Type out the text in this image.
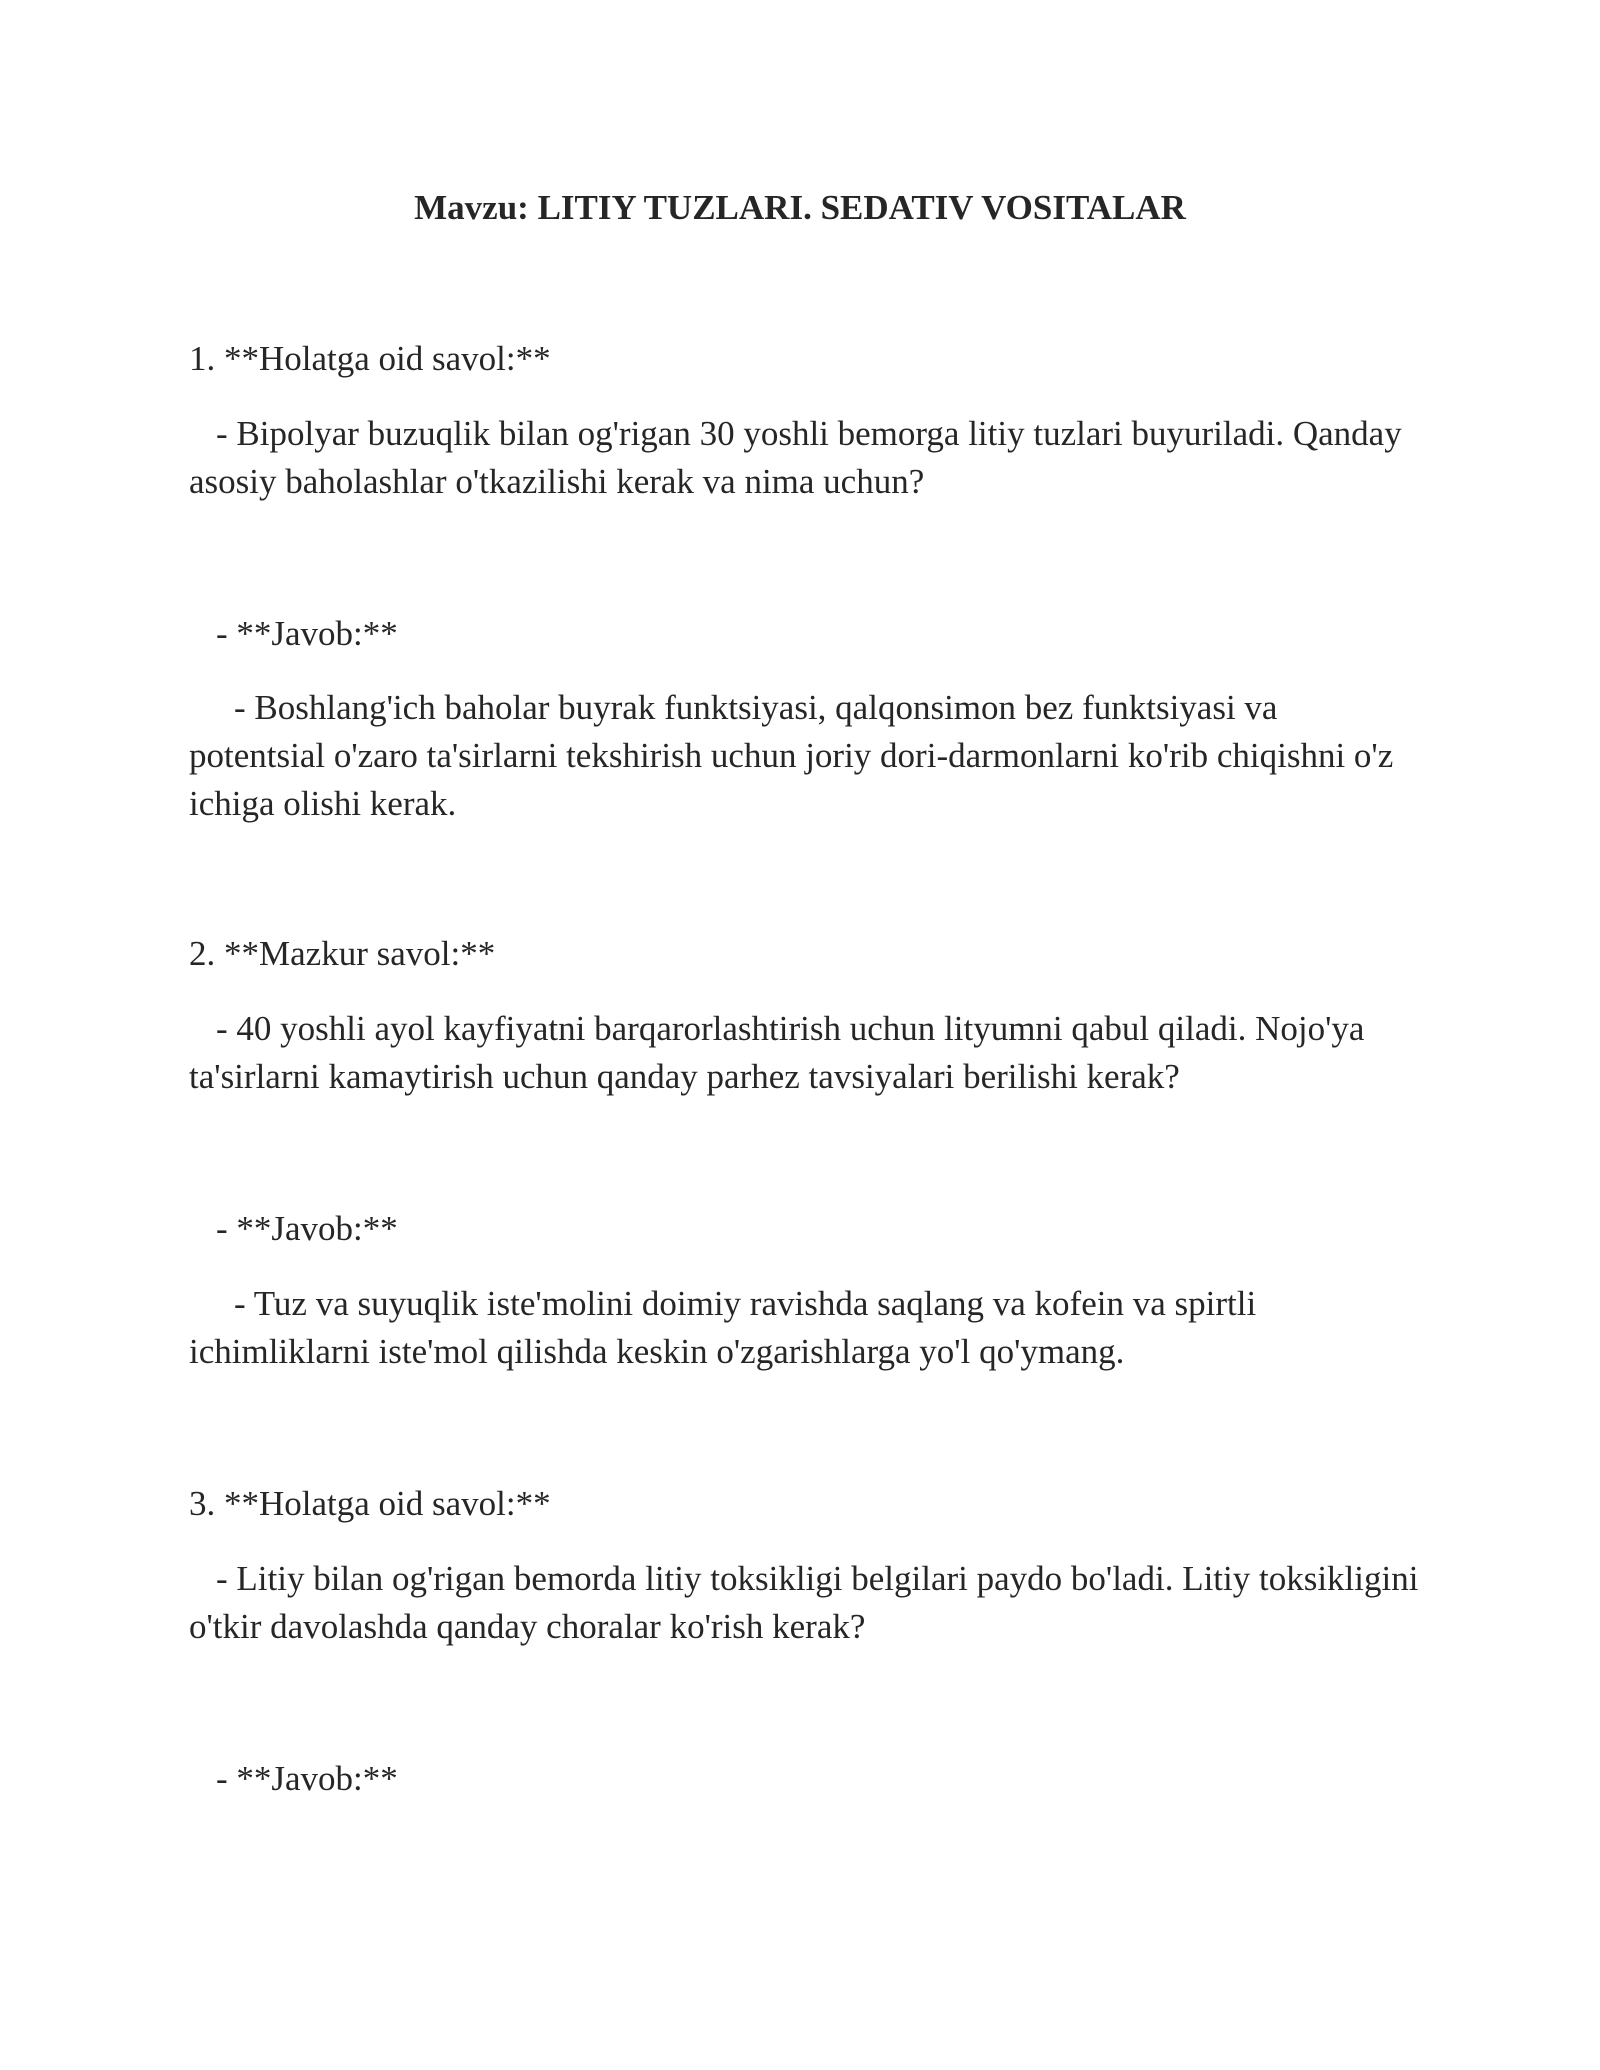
Mavzu: LITIY TUZLARI. SEDATIV VOSITALAR
1. **Holatga oid savol:**
- Bipolyar buzuqlik bilan og'rigan 30 yoshli bemorga litiy tuzlari buyuriladi. Qanday asosiy baholashlar o'tkazilishi kerak va nima uchun?
- **Javob:**
- Boshlang'ich baholar buyrak funktsiyasi, qalqonsimon bez funktsiyasi va potentsial o'zaro ta'sirlarni tekshirish uchun joriy dori-darmonlarni ko'rib chiqishni o'z ichiga olishi kerak.
2. **Mazkur savol:**
- 40 yoshli ayol kayfiyatni barqarorlashtirish uchun lityumni qabul qiladi. Nojo'ya ta'sirlarni kamaytirish uchun qanday parhez tavsiyalari berilishi kerak?
- **Javob:**
- Tuz va suyuqlik iste'molini doimiy ravishda saqlang va kofein va spirtli ichimliklarni iste'mol qilishda keskin o'zgarishlarga yo'l qo'ymang.
3. **Holatga oid savol:**
- Litiy bilan og'rigan bemorda litiy toksikligi belgilari paydo bo'ladi. Litiy toksikligini o'tkir davolashda qanday choralar ko'rish kerak?
- **Javob:**
